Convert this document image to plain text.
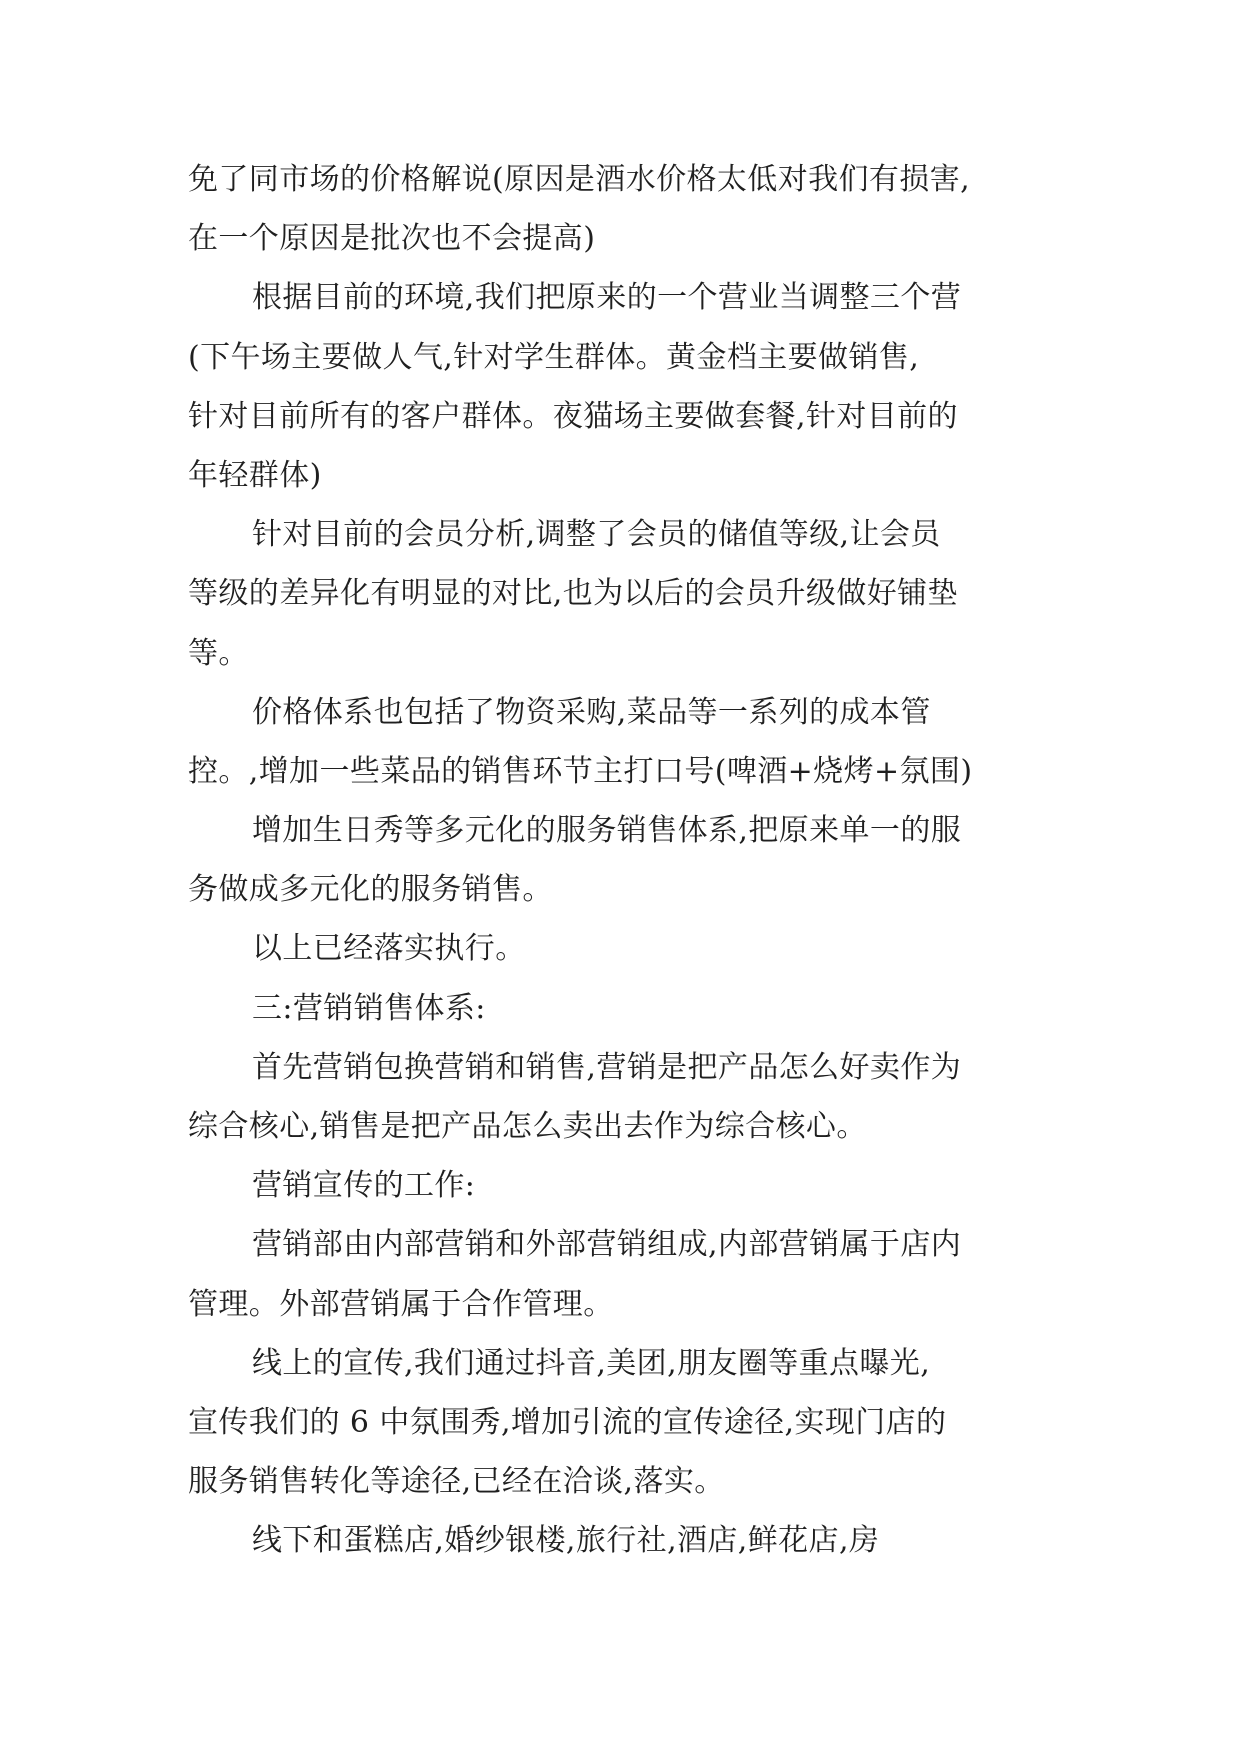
免了同市场的价格解说(原因是酒水价格太低对我们有损害,
在一个原因是批次也不会提高)
根据目前的环境,我们把原来的一个营业当调整三个营
(下午场主要做人气,针对学生群体。黄金档主要做销售,
针对目前所有的客户群体。夜猫场主要做套餐,针对目前的
年轻群体)
针对目前的会员分析,调整了会员的储值等级,让会员
等级的差异化有明显的对比,也为以后的会员升级做好铺垫
等。
价格体系也包括了物资采购,菜品等一系列的成本管
控。,增加一些菜品的销售环节主打口号(啤酒+烧烤+氛围)
增加生日秀等多元化的服务销售体系,把原来单一的服
务做成多元化的服务销售。
以上已经落实执行。
三:营销销售体系:
首先营销包换营销和销售,营销是把产品怎么好卖作为
综合核心,销售是把产品怎么卖出去作为综合核心。
营销宣传的工作:
营销部由内部营销和外部营销组成,内部营销属于店内
管理。外部营销属于合作管理。
线上的宣传,我们通过抖音,美团,朋友圈等重点曝光,
宣传我们的 6 中氛围秀,增加引流的宣传途径,实现门店的
服务销售转化等途径,已经在洽谈,落实。
线下和蛋糕店,婚纱银楼,旅行社,酒店,鲜花店,房
